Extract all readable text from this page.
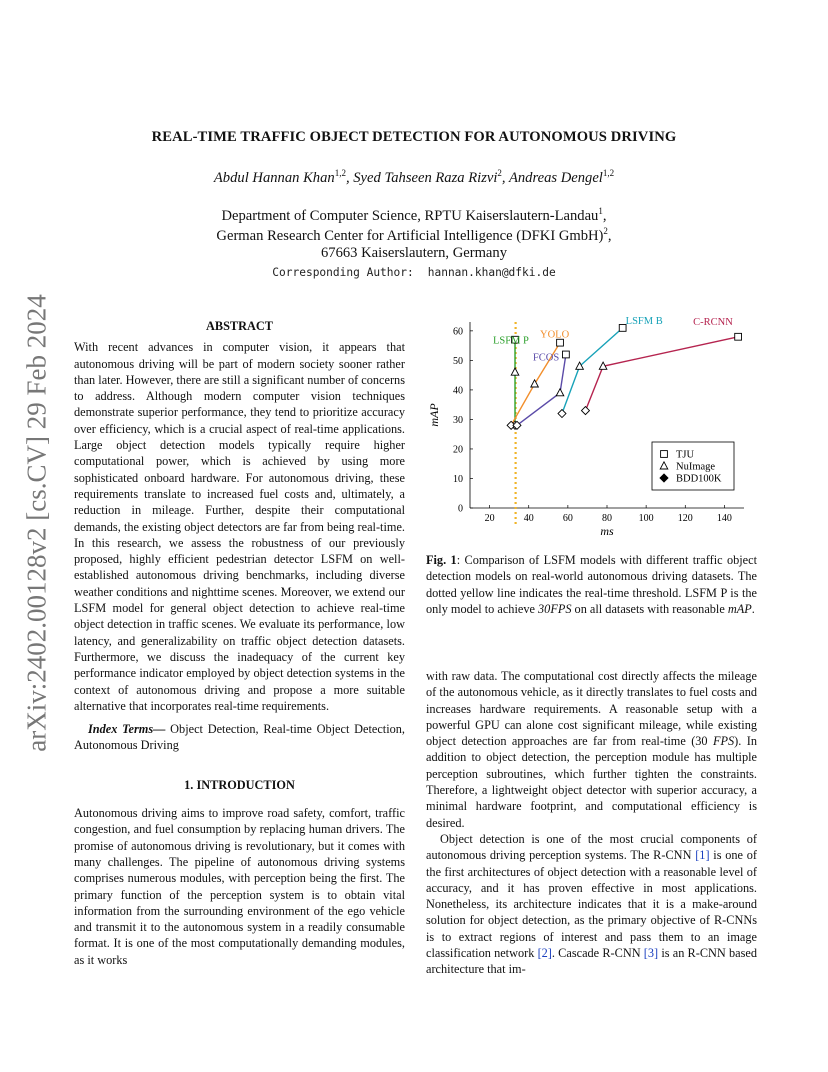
arXiv:2402.00128v2 [cs.CV] 29 Feb 2024
REAL-TIME TRAFFIC OBJECT DETECTION FOR AUTONOMOUS DRIVING
Abdul Hannan Khan$^{1,2}$, Syed Tahseen Raza Rizvi$^2$, Andreas Dengel$^{1,2}$
Department of Computer Science, RPTU Kaiserslautern-Landau$^1$,
German Research Center for Artificial Intelligence (DFKI GmbH)$^2$,
67663 Kaiserslautern, Germany
Corresponding Author: hannan.khan@dfki.de

ABSTRACT

With recent advances in computer vision, it appears that autonomous driving will be part of modern society sooner rather than later. However, there are still a significant number of concerns to address. Although modern computer vision techniques demonstrate superior performance, they tend to prioritize accuracy over efficiency, which is a crucial aspect of real-time applications. Large object detection models typically require higher computational power, which is achieved by using more sophisticated onboard hardware. For autonomous driving, these requirements translate to increased fuel costs and, ultimately, a reduction in mileage. Further, despite their computational demands, the existing object detectors are far from being real-time. In this research, we assess the robustness of our previously proposed, highly efficient pedestrian detector LSFM on well-established autonomous driving benchmarks, including diverse weather conditions and nighttime scenes. Moreover, we extend our LSFM model for general object detection to achieve real-time object detection in traffic scenes. We evaluate its performance, low latency, and generalizability on traffic object detection datasets. Furthermore, we discuss the inadequacy of the current key performance indicator employed by object detection systems in the context of autonomous driving and propose a more suitable alternative that incorporates real-time requirements.

Index Terms— Object Detection, Real-time Object Detection, Autonomous Driving

1. INTRODUCTION

Autonomous driving aims to improve road safety, comfort, traffic congestion, and fuel consumption by replacing human drivers. The promise of autonomous driving is revolutionary, but it comes with many challenges. The pipeline of autonomous driving systems comprises numerous modules, with perception being the first. The primary function of the perception system is to obtain vital information from the surrounding environment of the ego vehicle and transmit it to the autonomous system in a readily consumable format. It is one of the most computationally demanding modules, as it works

20	40	60	80	100 120 140
0
10
20
30
40
50
60
LSFM P
YOLO
FCOS
LSFM B	C-RCNN
ms
mAP
TJU
NuImage
BDD100K
Fig. 1: Comparison of LSFM models with different traffic object detection models on real-world autonomous driving datasets. The dotted yellow line indicates the real-time threshold. LSFM P is the only model to achieve 30FPS on all datasets with reasonable mAP.

with raw data. The computational cost directly affects the mileage of the autonomous vehicle, as it directly translates to fuel costs and increases hardware requirements. A reasonable setup with a powerful GPU can alone cost significant mileage, while existing object detection approaches are far from real-time (30 FPS). In addition to object detection, the perception module has multiple perception subroutines, which further tighten the constraints. Therefore, a lightweight object detector with superior accuracy, a minimal hardware footprint, and computational efficiency is desired.

Object detection is one of the most crucial components of autonomous driving perception systems. The R-CNN [1] is one of the first architectures of object detection with a reasonable level of accuracy, and it has proven effective in most applications. Nonetheless, its architecture indicates that it is a make-around solution for object detection, as the primary objective of R-CNNs is to extract regions of interest and pass them to an image classification network [2]. Cascade R-CNN [3] is an R-CNN based architecture that im-
